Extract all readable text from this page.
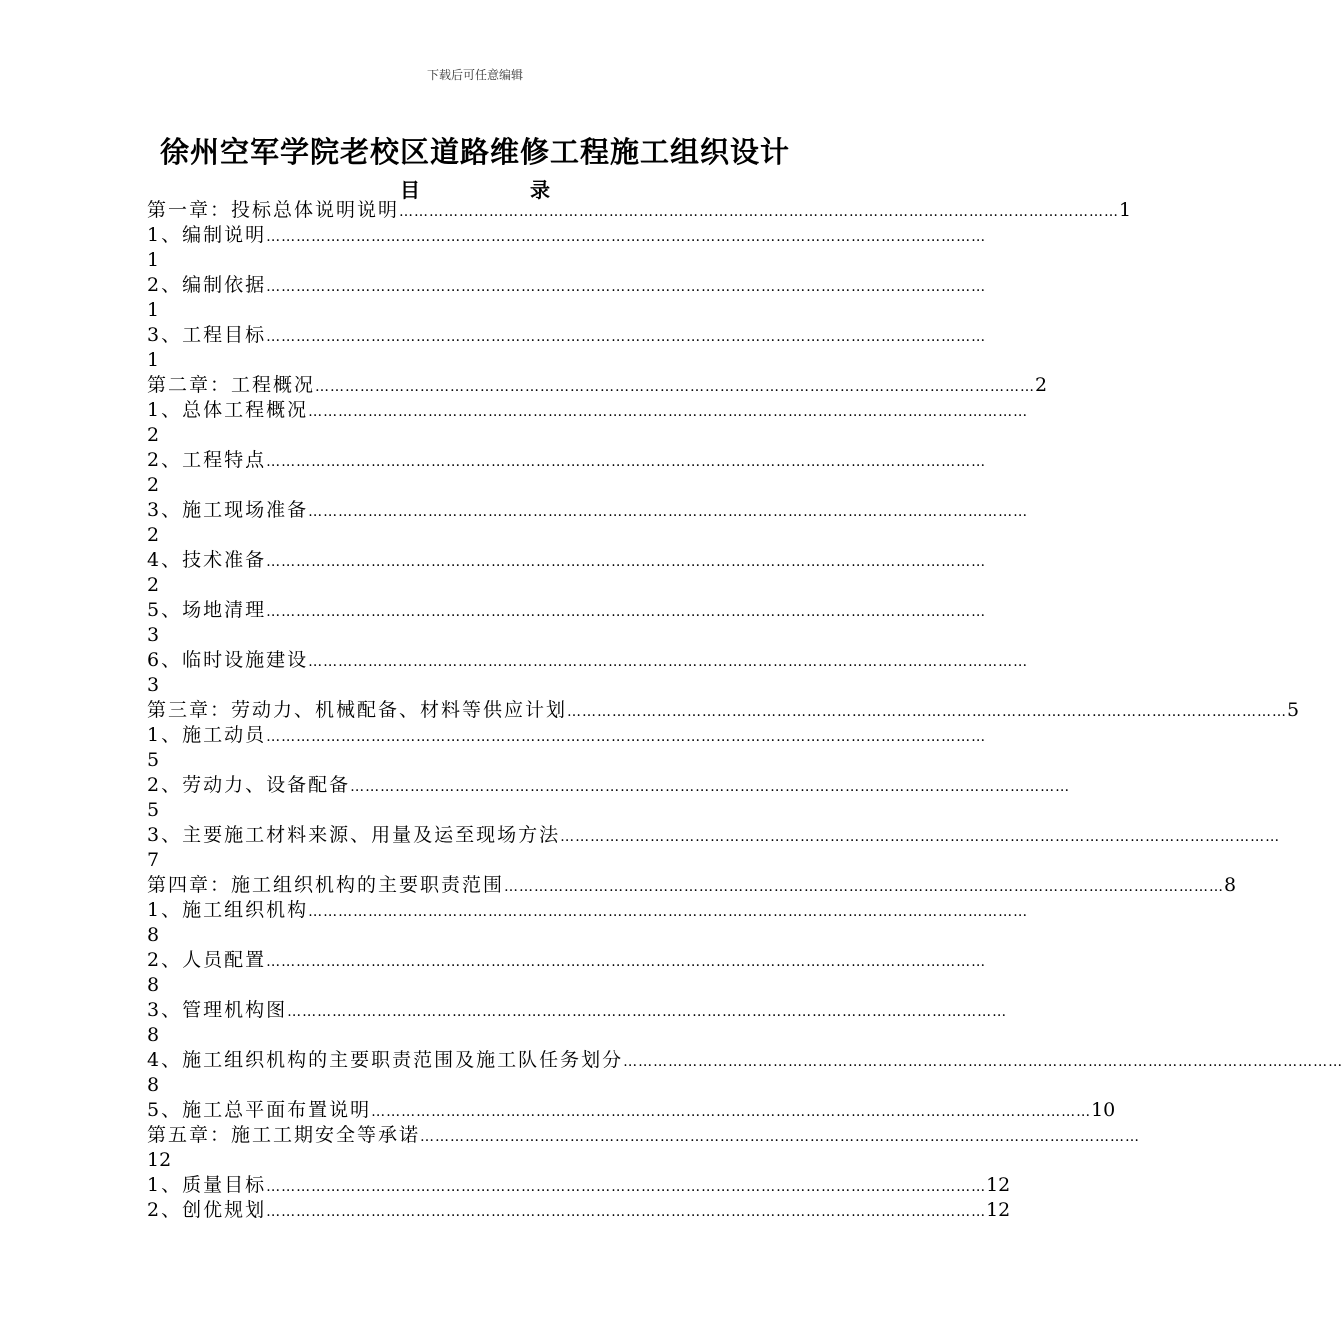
下载后可任意编辑
徐州空军学院老校区道路维修工程施工组织设计
目	录
第一章：投标总体说明说明 ……………………………………………………………………………………………………………………………… 1
1、编制说明 ………………………………………………………………………………………………………………………………
1
2、编制依据 ………………………………………………………………………………………………………………………………
1
3、工程目标 ………………………………………………………………………………………………………………………………
1
第二章：工程概况 ……………………………………………………………………………………………………………………………… 2
1、总体工程概况 ………………………………………………………………………………………………………………………………
2
2、工程特点 ………………………………………………………………………………………………………………………………
2
3、施工现场准备 ………………………………………………………………………………………………………………………………
2
4、技术准备 ………………………………………………………………………………………………………………………………
2
5、场地清理 ………………………………………………………………………………………………………………………………
3
6、临时设施建设 ………………………………………………………………………………………………………………………………
3
第三章：劳动力、机械配备、材料等供应计划 ……………………………………………………………………………………………………………………………… 5
1、施工动员 ………………………………………………………………………………………………………………………………
5
2、劳动力、设备配备 ………………………………………………………………………………………………………………………………
5
3、主要施工材料来源、用量及运至现场方法 ………………………………………………………………………………………………………………………………
7
第四章：施工组织机构的主要职责范围 ……………………………………………………………………………………………………………………………… 8
1、施工组织机构 ………………………………………………………………………………………………………………………………
8
2、人员配置 ………………………………………………………………………………………………………………………………
8
3、管理机构图 ………………………………………………………………………………………………………………………………
8
4、施工组织机构的主要职责范围及施工队任务划分 ………………………………………………………………………………………………………………………………
8
5、施工总平面布置说明 ……………………………………………………………………………………………………………………………… 10
第五章：施工工期安全等承诺 ………………………………………………………………………………………………………………………………
12
1、质量目标 ……………………………………………………………………………………………………………………………… 12
2、创优规划 ……………………………………………………………………………………………………………………………… 12
